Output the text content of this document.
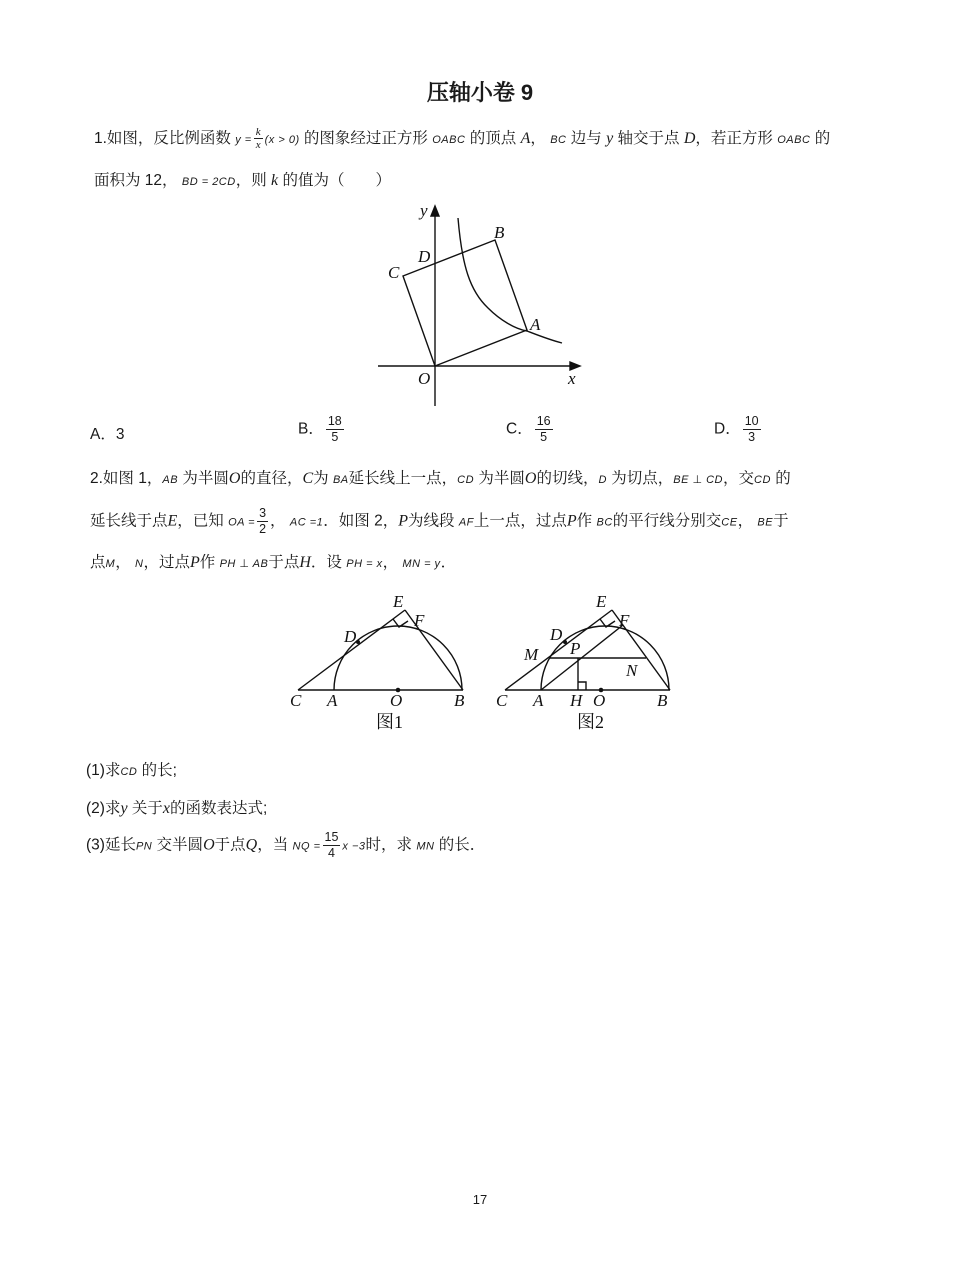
压轴小卷 9
1.如图，反比例函数 $y = \frac{k}{x} (x > 0)$ 的图象经过正方形 OABC 的顶点 A， BC 边与 y 轴交于点 D，若正方形 OABC 的
面积为 12， BD = 2CD，则 k 的值为（　　）
y
x
O
A
B
C
D
A．3	B． $\frac{18}{5}$	C． $\frac{16}{5}$	D． $\frac{10}{3}$
2.如图 1，AB 为半圆O的直径，C为 BA延长线上一点，CD 为半圆O的切线，D 为切点，BE ⊥ CD，交CD 的
延长线于点E，已知 OA = $\frac{3}{2}$ ， AC =1．如图 2，P为线段 AF上一点，过点P作 BC的平行线分别交CE， BE于
点M， N，过点P作 PH ⊥ AB于点H．设 PH = x， MN = y．
C A	O	B
D
E
F
图1
C A H O	B
D
E
F
M P
N
图2
(1)求CD 的长;
(2)求y 关于x的函数表达式;
(3)延长PN 交半圆O于点Q，当 NQ = $\frac{15}{4}$ x −3时，求 MN 的长．
17
